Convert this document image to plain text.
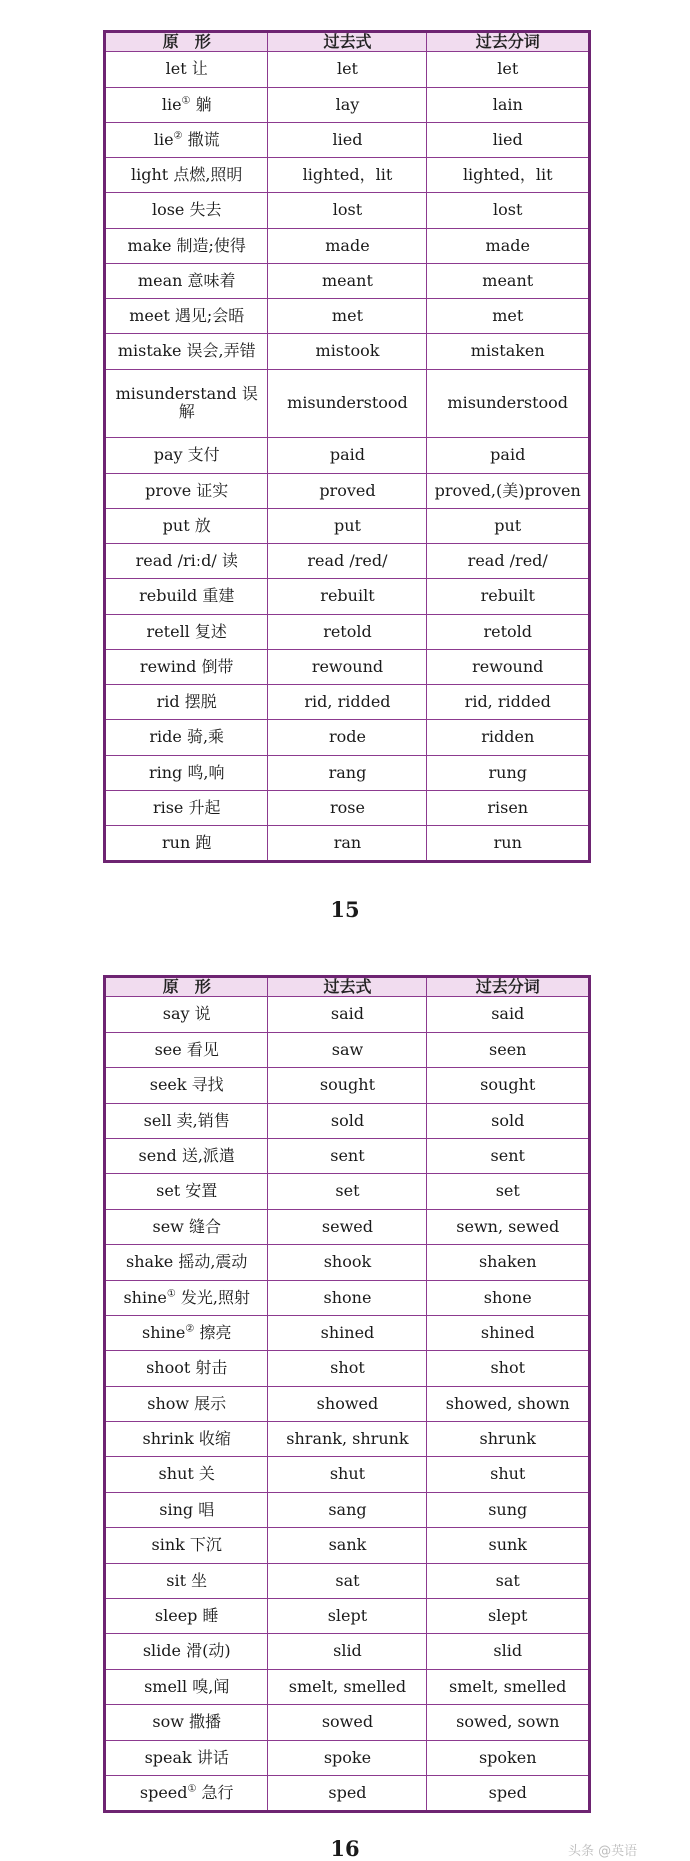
原　形	过去式	过去分词
let 让	let	let
lie① 躺	lay	lain
lie② 撒谎	lied	lied
light 点燃,照明	lighted，lit	lighted，lit
lose 失去	lost	lost
make 制造;使得	made	made
mean 意味着	meant	meant
meet 遇见;会晤	met	met
mistake 误会,弄错	mistook	mistaken
misunderstand 误解	misunderstood	misunderstood
pay 支付	paid	paid
prove 证实	proved	proved,(美)proven
put 放	put	put
read /riːd/ 读	read /red/	read /red/
rebuild 重建	rebuilt	rebuilt
retell 复述	retold	retold
rewind 倒带	rewound	rewound
rid 摆脱	rid, ridded	rid, ridded
ride 骑,乘	rode	ridden
ring 鸣,响	rang	rung
rise 升起	rose	risen
run 跑	ran	run
15
原　形	过去式	过去分词
say 说	said	said
see 看见	saw	seen
seek 寻找	sought	sought
sell 卖,销售	sold	sold
send 送,派遣	sent	sent
set 安置	set	set
sew 缝合	sewed	sewn, sewed
shake 摇动,震动	shook	shaken
shine① 发光,照射	shone	shone
shine② 擦亮	shined	shined
shoot 射击	shot	shot
show 展示	showed	showed, shown
shrink 收缩	shrank, shrunk	shrunk
shut 关	shut	shut
sing 唱	sang	sung
sink 下沉	sank	sunk
sit 坐	sat	sat
sleep 睡	slept	slept
slide 滑(动)	slid	slid
smell 嗅,闻	smelt, smelled	smelt, smelled
sow 撒播	sowed	sowed, sown
speak 讲话	spoke	spoken
speed① 急行	sped	sped
16	头条 @英语
